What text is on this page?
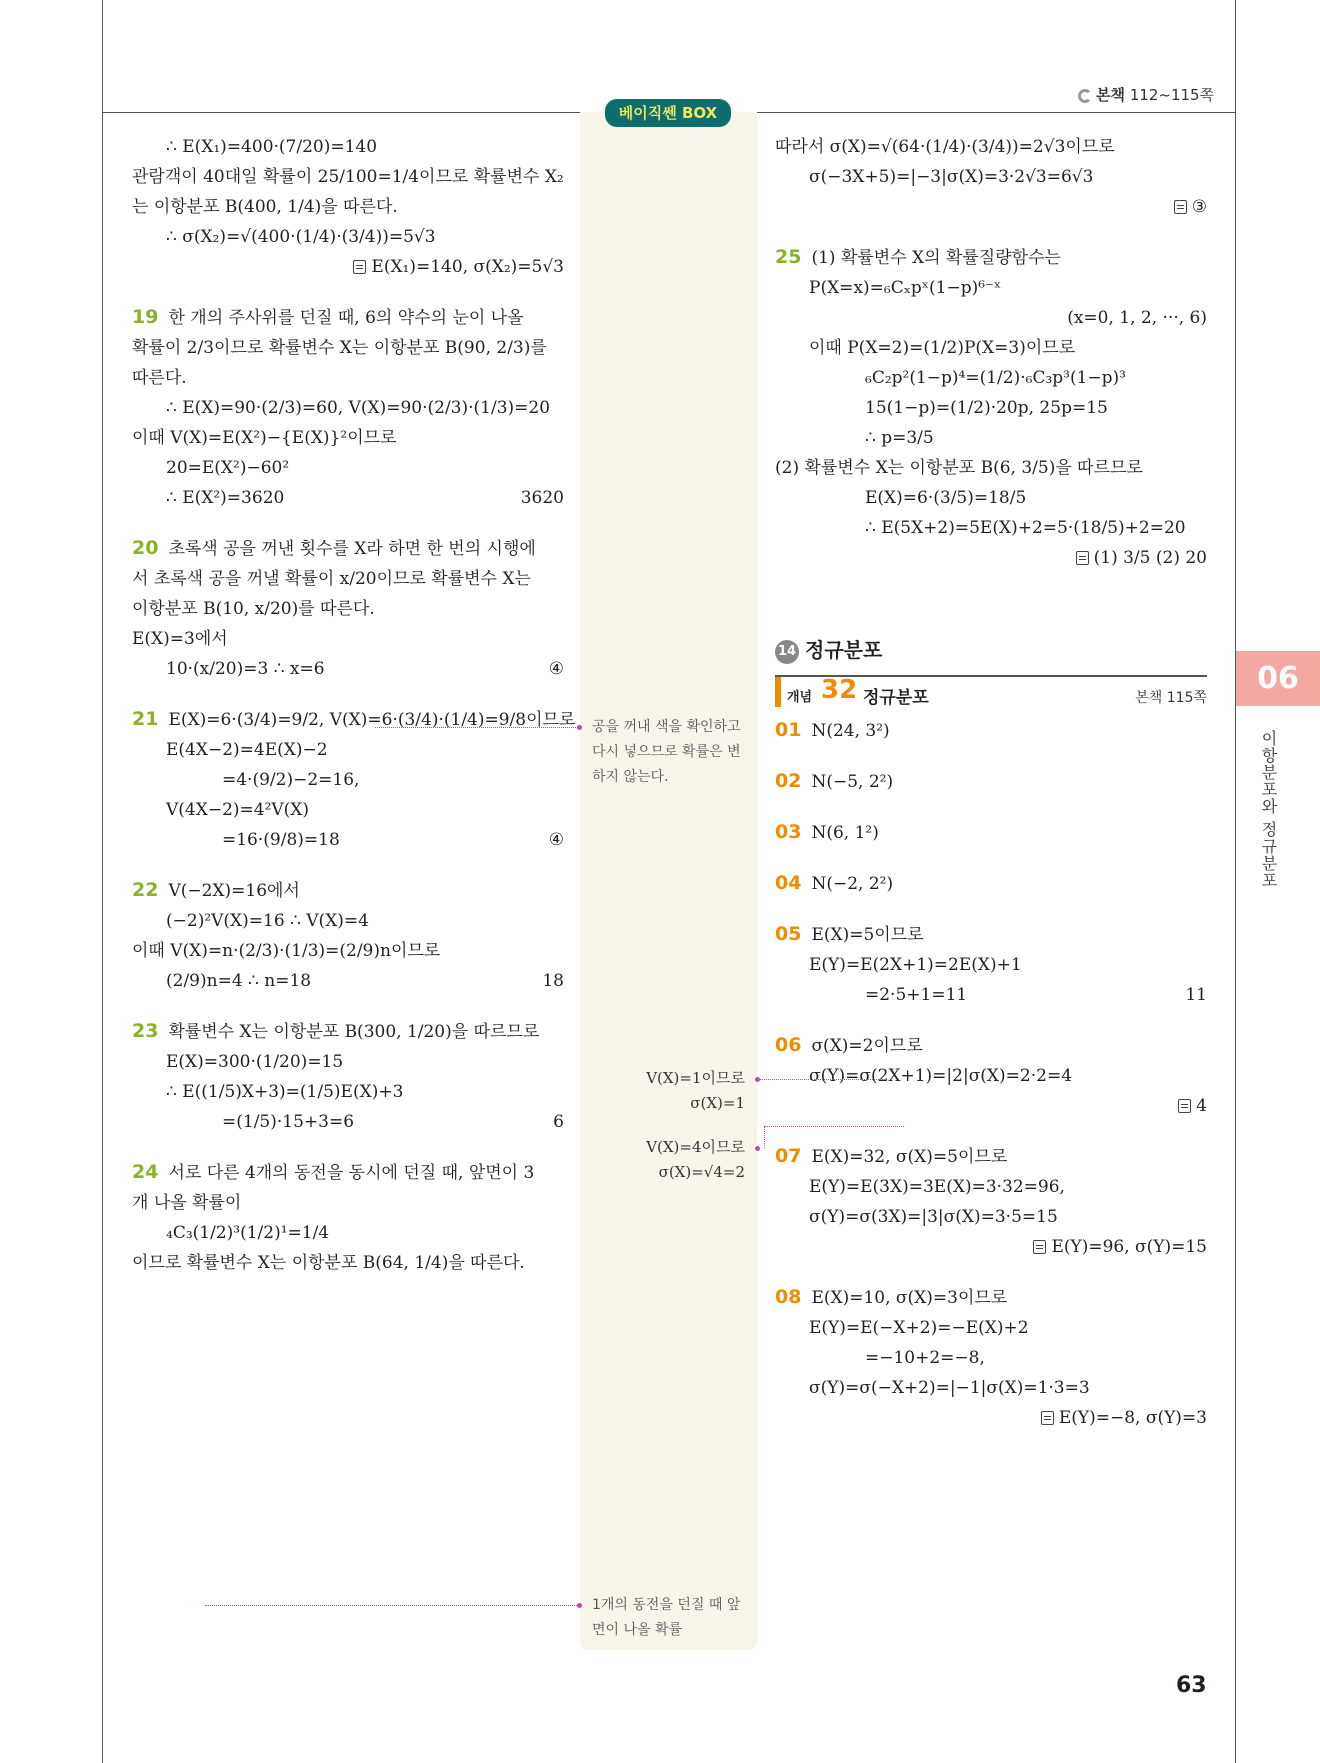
본책 112~115쪽
베이직쎈 BOX
∴ E(X₁)=400·(7/20)=140
관람객이 40대일 확률이 25/100=1/4이므로 확률변수 X₂
는 이항분포 B(400, 1/4)을 따른다.
∴ σ(X₂)=√(400·(1/4)·(3/4))=5√3
E(X₁)=140, σ(X₂)=5√3
19 한 개의 주사위를 던질 때, 6의 약수의 눈이 나올
확률이 2/3이므로 확률변수 X는 이항분포 B(90, 2/3)를
따른다.
∴ E(X)=90·(2/3)=60, V(X)=90·(2/3)·(1/3)=20
이때 V(X)=E(X²)−{E(X)}²이므로
20=E(X²)−60²
∴ E(X²)=3620	3620
20 초록색 공을 꺼낸 횟수를 X라 하면 한 번의 시행에
서 초록색 공을 꺼낼 확률이 x/20이므로 확률변수 X는
이항분포 B(10, x/20)를 따른다.
E(X)=3에서
10·(x/20)=3 ∴ x=6	④
21 E(X)=6·(3/4)=9/2, V(X)=6·(3/4)·(1/4)=9/8이므로
E(4X−2)=4E(X)−2
=4·(9/2)−2=16,
V(4X−2)=4²V(X)
=16·(9/8)=18	④
22 V(−2X)=16에서
(−2)²V(X)=16 ∴ V(X)=4
이때 V(X)=n·(2/3)·(1/3)=(2/9)n이므로
(2/9)n=4 ∴ n=18	18
23 확률변수 X는 이항분포 B(300, 1/20)을 따르므로
E(X)=300·(1/20)=15
∴ E((1/5)X+3)=(1/5)E(X)+3
=(1/5)·15+3=6	6
24 서로 다른 4개의 동전을 동시에 던질 때, 앞면이 3
개 나올 확률이
₄C₃(1/2)³(1/2)¹=1/4
이므로 확률변수 X는 이항분포 B(64, 1/4)을 따른다.
따라서 σ(X)=√(64·(1/4)·(3/4))=2√3이므로
σ(−3X+5)=|−3|σ(X)=3·2√3=6√3
③
25 (1) 확률변수 X의 확률질량함수는
P(X=x)=₆Cₓpˣ(1−p)⁶⁻ˣ
(x=0, 1, 2, ···, 6)
이때 P(X=2)=(1/2)P(X=3)이므로
₆C₂p²(1−p)⁴=(1/2)·₆C₃p³(1−p)³
15(1−p)=(1/2)·20p, 25p=15
∴ p=3/5
(2) 확률변수 X는 이항분포 B(6, 3/5)을 따르므로
E(X)=6·(3/5)=18/5
∴ E(5X+2)=5E(X)+2=5·(18/5)+2=20
(1) 3/5 (2) 20
14 정규분포
개념 32 정규분포	본책 115쪽
01 N(24, 3²)
02 N(−5, 2²)
03 N(6, 1²)
04 N(−2, 2²)
05 E(X)=5이므로
E(Y)=E(2X+1)=2E(X)+1
=2·5+1=11	11
06 σ(X)=2이므로
σ(Y)=σ(2X+1)=|2|σ(X)=2·2=4
4
07 E(X)=32, σ(X)=5이므로
E(Y)=E(3X)=3E(X)=3·32=96,
σ(Y)=σ(3X)=|3|σ(X)=3·5=15
E(Y)=96, σ(Y)=15
08 E(X)=10, σ(X)=3이므로
E(Y)=E(−X+2)=−E(X)+2
=−10+2=−8,
σ(Y)=σ(−X+2)=|−1|σ(X)=1·3=3
E(Y)=−8, σ(Y)=3
공을 꺼내 색을 확인하고 다시 넣으므로 확률은 변하지 않는다.
1개의 동전을 던질 때 앞면이 나올 확률
V(X)=1이므로
σ(X)=1
V(X)=4이므로
σ(X)=√4=2
06
이항분포와 정규분포
63
